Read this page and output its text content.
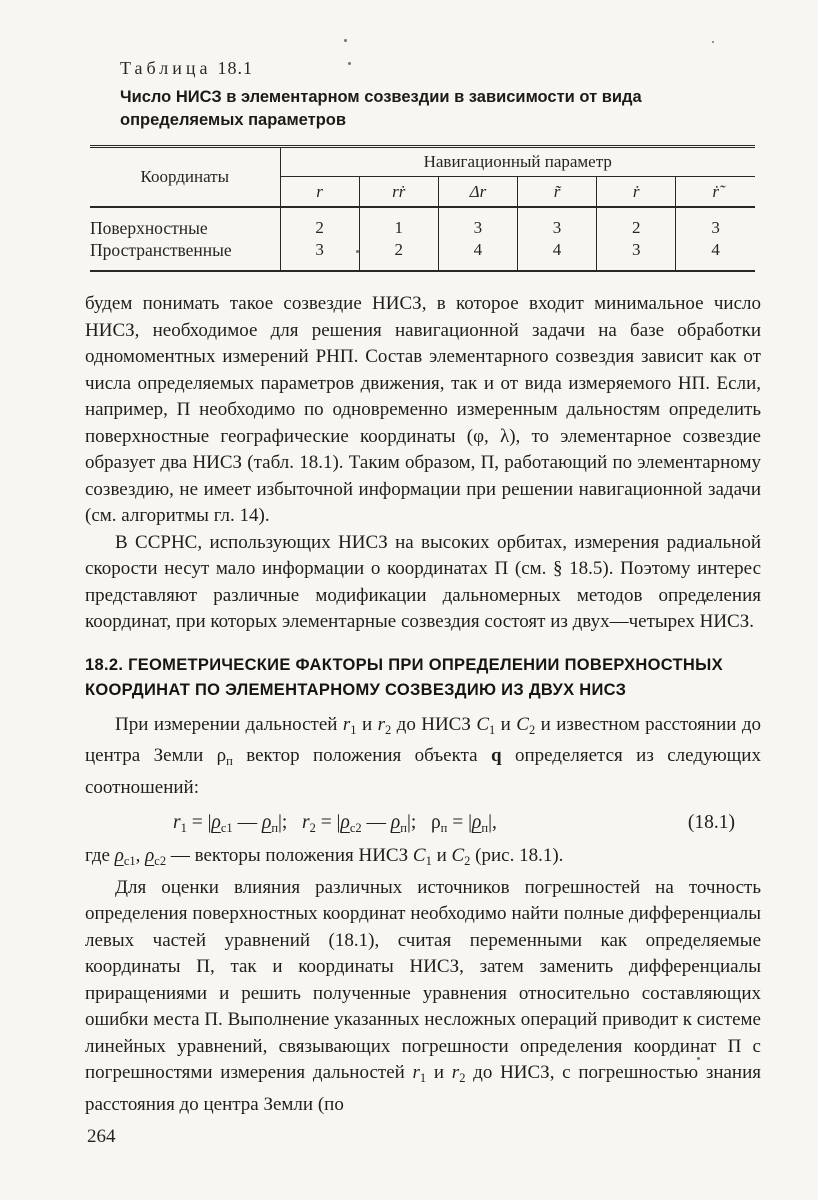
Таблица 18.1
Число НИСЗ в элементарном созвездии в зависимости от вида определяемых параметров
Координаты	Навигационный параметр					
	r	rṙ	Δr	r̃	ṙ	ṙ̃
Поверхностные	2	1	3	3	2	3
Пространственные	3	2	4	4	3	4

будем понимать такое созвездие НИСЗ, в которое входит минимальное число НИСЗ, необходимое для решения навигационной задачи на базе обработки одномоментных измерений РНП. Состав элементарного созвездия зависит как от числа определяемых параметров движения, так и от вида измеряемого НП. Если, например, П необходимо по одновременно измеренным дальностям определить поверхностные географические координаты (φ, λ), то элементарное созвездие образует два НИСЗ (табл. 18.1). Таким образом, П, работающий по элементарному созвездию, не имеет избыточной информации при решении навигационной задачи (см. алгоритмы гл. 14).

В ССРНС, использующих НИСЗ на высоких орбитах, измерения радиальной скорости несут мало информации о координатах П (см. § 18.5). Поэтому интерес представляют различные модификации дальномерных методов определения координат, при которых элементарные созвездия состоят из двух—четырех НИСЗ.

18.2. ГЕОМЕТРИЧЕСКИЕ ФАКТОРЫ ПРИ ОПРЕДЕЛЕНИИ ПОВЕРХНОСТНЫХ
КООРДИНАТ ПО ЭЛЕМЕНТАРНОМУ СОЗВЕЗДИЮ ИЗ ДВУХ НИСЗ

При измерении дальностей $r_1$ и $r_2$ до НИСЗ $C_1$ и $C_2$ и известном расстоянии до центра Земли $\rho_п$ вектор положения объекта q определяется из следующих соотношений:

$r_1 = |\rho_{с1}$ — $\rho_п|$;   $r_2 = |\rho_{с2}$ — $\rho_п|$;   $\rho_п = |\rho_п|$,	(18.1)

где $\rho_{с1}$, $\rho_{с2}$ — векторы положения НИСЗ $C_1$ и $C_2$ (рис. 18.1).

Для оценки влияния различных источников погрешностей на точность определения поверхностных координат необходимо найти полные дифференциалы левых частей уравнений (18.1), считая переменными как определяемые координаты П, так и координаты НИСЗ, затем заменить дифференциалы приращениями и решить полученные уравнения относительно составляющих ошибки места П. Выполнение указанных несложных операций приводит к системе линейных уравнений, связывающих погрешности определения координат П с погрешностями измерения дальностей $r_1$ и $r_2$ до НИСЗ, с погрешностью знания расстояния до центра Земли (по

264
